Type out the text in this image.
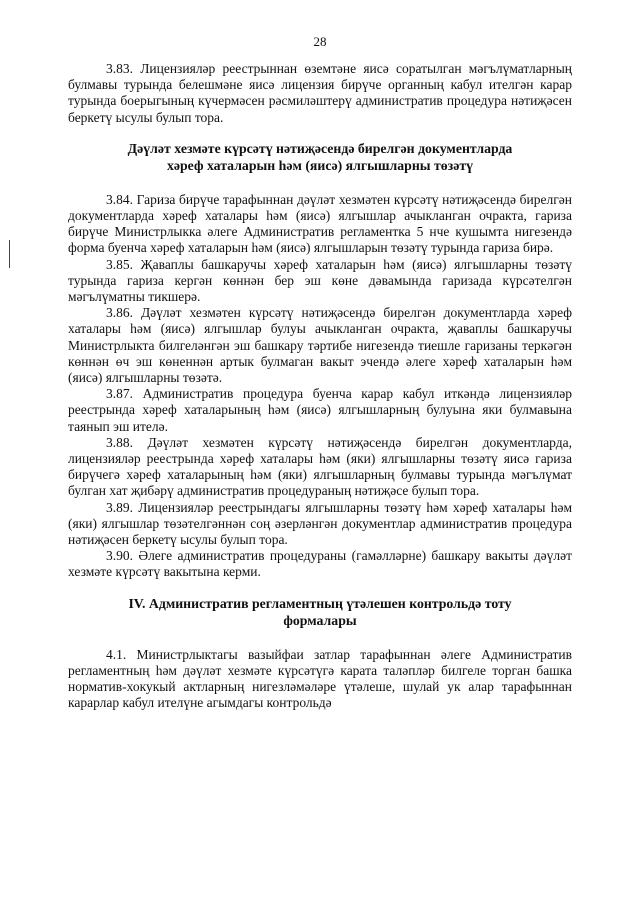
28

3.83. Лицензияләр реестрыннан өземтәне яисә соратылган мәгълүматларның булмавы турында белешмәне яисә лицензия бирүче органның кабул ителгән карар турында боерыгының күчермәсен рәсмиләштерү административ процедура нәтиҗәсен беркетү ысулы булып тора.

Дәүләт хезмәте күрсәтү нәтиҗәсендә бирелгән документларда
хәреф хаталарын һәм (яисә) ялгышларны төзәтү

3.84. Гариза бирүче тарафыннан дәүләт хезмәтен күрсәтү нәтиҗәсендә бирелгән документларда хәреф хаталары һәм (яисә) ялгышлар ачыкланган очракта, гариза бирүче Министрлыкка әлеге Административ регламентка 5 нче кушымта нигезендә форма буенча хәреф хаталарын һәм (яисә) ялгышларын төзәтү турында гариза бирә.

3.85. Җаваплы башкаручы хәреф хаталарын һәм (яисә) ялгышларны төзәтү турында гариза кергән көннән бер эш көне дәвамында гаризада күрсәтелгән мәгълүматны тикшерә.

3.86. Дәүләт хезмәтен күрсәтү нәтиҗәсендә бирелгән документларда хәреф хаталары һәм (яисә) ялгышлар булуы ачыкланган очракта, җаваплы башкаручы Министрлыкта билгеләнгән эш башкару тәртибе нигезендә тиешле гаризаны теркәгән көннән өч эш көненнән артык булмаган вакыт эчендә әлеге хәреф хаталарын һәм (яисә) ялгышларны төзәтә.

3.87. Административ процедура буенча карар кабул иткәндә лицензияләр реестрында хәреф хаталарының һәм (яисә) ялгышларның булуына яки булмавына таянып эш ителә.

3.88. Дәүләт хезмәтен күрсәтү нәтиҗәсендә бирелгән документларда, лицензияләр реестрында хәреф хаталары һәм (яки) ялгышларны төзәтү яисә гариза бирүчегә хәреф хаталарының һәм (яки) ялгышларның булмавы турында мәгълүмат булган хат җибәрү административ процедураның нәтиҗәсе булып тора.

3.89. Лицензияләр реестрындагы ялгышларны төзәтү һәм хәреф хаталары һәм (яки) ялгышлар төзәтелгәннән соң әзерләнгән документлар административ процедура нәтиҗәсен беркетү ысулы булып тора.

3.90. Әлеге административ процедураны (гамәлләрне) башкару вакыты дәүләт хезмәте күрсәтү вакытына керми.

IV. Административ регламентның үтәлешен контрольдә тоту
формалары

4.1. Министрлыктагы вазыйфаи затлар тарафыннан әлеге Административ регламентның һәм дәүләт хезмәте күрсәтүгә карата таләпләр билгеле торган башка норматив-хокукый актларның нигезләмәләре үтәлеше, шулай ук алар тарафыннан карарлар кабул ителүне агымдагы контрольдә
